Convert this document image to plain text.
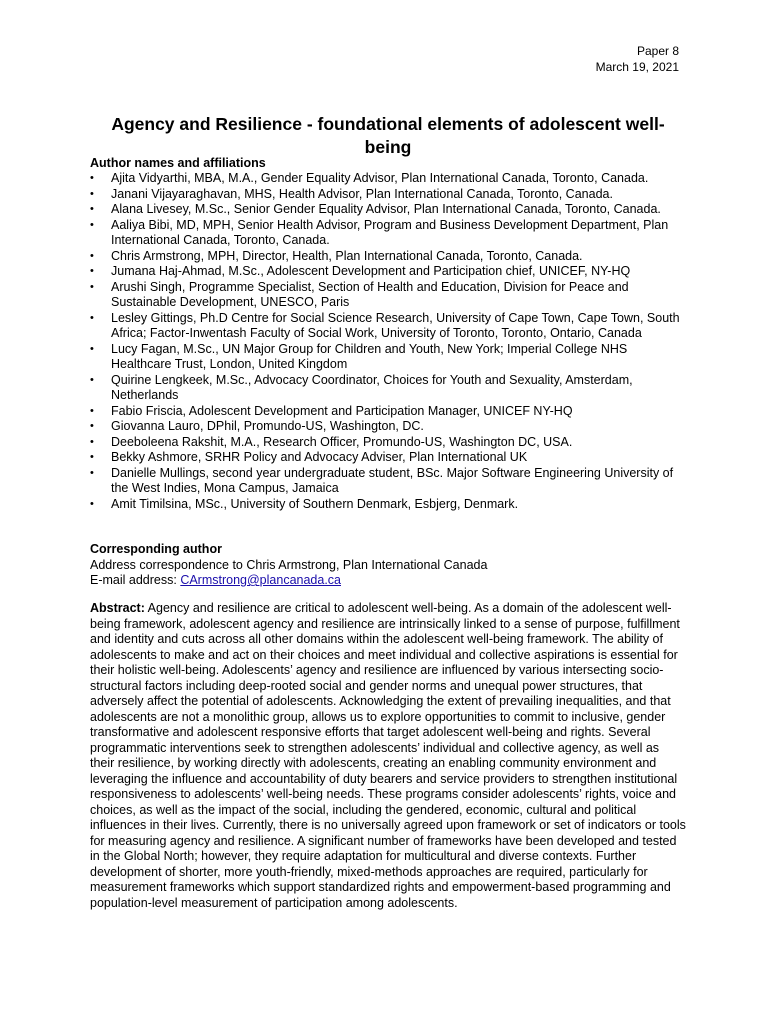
Paper 8
March 19, 2021
Agency and Resilience - foundational elements of adolescent well-being
Author names and affiliations
•	Ajita Vidyarthi, MBA, M.A., Gender Equality Advisor, Plan International Canada, Toronto, Canada.
•	Janani Vijayaraghavan, MHS, Health Advisor, Plan International Canada, Toronto, Canada.
•	Alana Livesey, M.Sc., Senior Gender Equality Advisor, Plan International Canada, Toronto, Canada.
•	Aaliya Bibi, MD, MPH, Senior Health Advisor, Program and Business Development Department, Plan International Canada, Toronto, Canada.
•	Chris Armstrong, MPH, Director, Health, Plan International Canada, Toronto, Canada.
•	Jumana Haj-Ahmad, M.Sc., Adolescent Development and Participation chief, UNICEF, NY-HQ
•	Arushi Singh, Programme Specialist, Section of Health and Education, Division for Peace and Sustainable Development, UNESCO, Paris
•	Lesley Gittings, Ph.D Centre for Social Science Research, University of Cape Town, Cape Town, South Africa; Factor-Inwentash Faculty of Social Work, University of Toronto, Toronto, Ontario, Canada
•	Lucy Fagan, M.Sc., UN Major Group for Children and Youth, New York; Imperial College NHS Healthcare Trust, London, United Kingdom
•	Quirine Lengkeek, M.Sc., Advocacy Coordinator, Choices for Youth and Sexuality, Amsterdam, Netherlands
•	Fabio Friscia, Adolescent Development and Participation Manager, UNICEF NY-HQ
•	Giovanna Lauro, DPhil, Promundo-US, Washington, DC.
•	Deeboleena Rakshit, M.A., Research Officer, Promundo-US, Washington DC, USA.
•	Bekky Ashmore, SRHR Policy and Advocacy Adviser, Plan International UK
•	Danielle Mullings, second year undergraduate student, BSc. Major Software Engineering University of the West Indies, Mona Campus, Jamaica
•	Amit Timilsina, MSc., University of Southern Denmark, Esbjerg, Denmark.
Corresponding author
Address correspondence to Chris Armstrong, Plan International Canada
E-mail address: CArmstrong@plancanada.ca

Abstract: Agency and resilience are critical to adolescent well-being. As a domain of the adolescent well-being framework, adolescent agency and resilience are intrinsically linked to a sense of purpose, fulfillment and identity and cuts across all other domains within the adolescent well-being framework. The ability of adolescents to make and act on their choices and meet individual and collective aspirations is essential for their holistic well-being. Adolescents’ agency and resilience are influenced by various intersecting socio-structural factors including deep-rooted social and gender norms and unequal power structures, that adversely affect the potential of adolescents. Acknowledging the extent of prevailing inequalities, and that adolescents are not a monolithic group, allows us to explore opportunities to commit to inclusive, gender transformative and adolescent responsive efforts that target adolescent well-being and rights. Several programmatic interventions seek to strengthen adolescents’ individual and collective agency, as well as their resilience, by working directly with adolescents, creating an enabling community environment and leveraging the influence and accountability of duty bearers and service providers to strengthen institutional responsiveness to adolescents’ well-being needs. These programs consider adolescents’ rights, voice and choices, as well as the impact of the social, including the gendered, economic, cultural and political influences in their lives. Currently, there is no universally agreed upon framework or set of indicators or tools for measuring agency and resilience. A significant number of frameworks have been developed and tested in the Global North; however, they require adaptation for multicultural and diverse contexts. Further development of shorter, more youth-friendly, mixed-methods approaches are required, particularly for measurement frameworks which support standardized rights and empowerment-based programming and population-level measurement of participation among adolescents.
